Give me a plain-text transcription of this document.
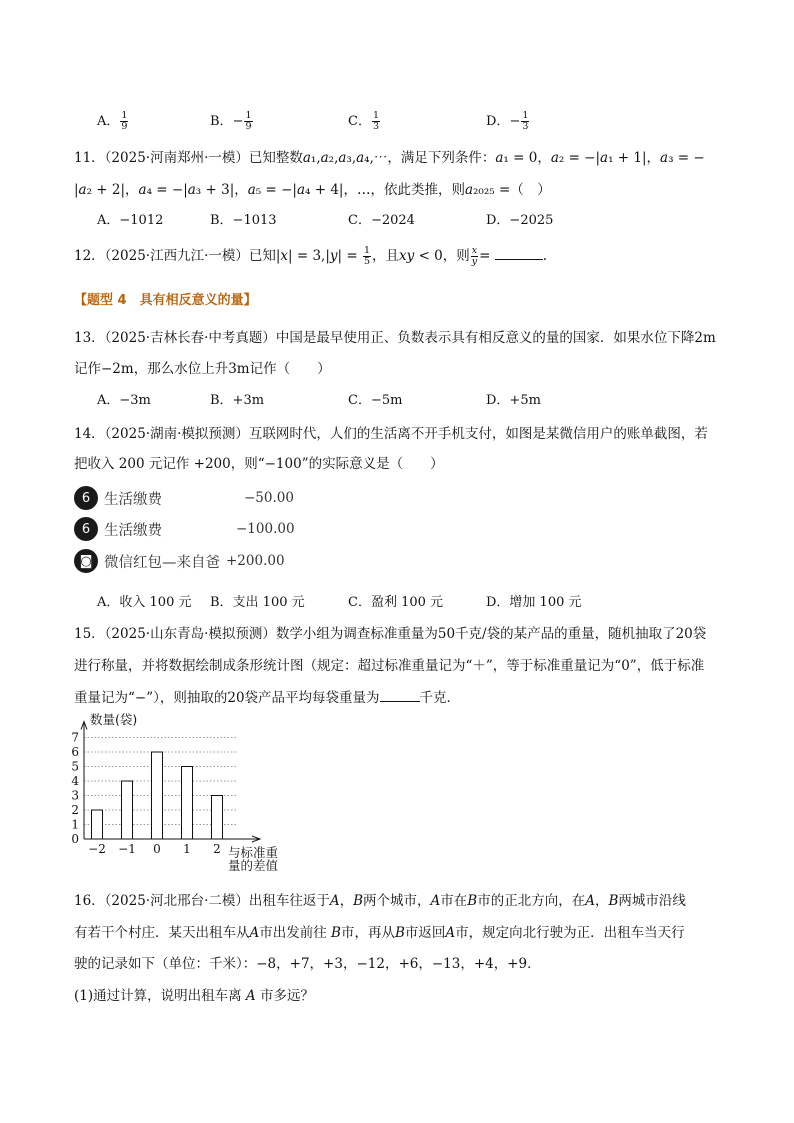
A． $\frac{1}{9}$	B．− $\frac{1}{9}$	C． $\frac{1}{3}$	D．− $\frac{1}{3}$
11．（2025·河南郑州·一模）已知整数𝑎₁,𝑎₂,𝑎₃,𝑎₄,⋯，满足下列条件：𝑎₁ = 0，𝑎₂ = −|𝑎₁ + 1|，𝑎₃ = −
|𝑎₂ + 2|，𝑎₄ = −|𝑎₃ + 3|，𝑎₅ = −|𝑎₄ + 4|，…，依此类推，则𝑎₂₀₂₅ =（　）
A．−1012	B．−1013	C．−2024	D．−2025
12．（2025·江西九江·一模）已知|𝑥| = 3,|𝑦| = $\frac{1}{5}$ ，且𝑥𝑦 < 0，则 $\frac{\text{𝑥}}{\text{𝑦}}$ =	.
【题型 4　具有相反意义的量】
13．（2025·吉林长春·中考真题）中国是最早使用正、负数表示具有相反意义的量的国家．如果水位下降2m
记作−2m，那么水位上升3m记作（　　）
A．−3m	B．+3m	C．−5m	D．+5m
14．（2025·湖南·模拟预测）互联网时代，人们的生活离不开手机支付，如图是某微信用户的账单截图，若
把收入 200 元记作 +200，则“−100”的实际意义是（　　）
6 生活缴费	−50.00
6 生活缴费	−100.00
◙ 微信红包—来自爸 +200.00
A．收入 100 元 B．支出 100 元	C．盈利 100 元	D．增加 100 元
15．（2025·山东青岛·模拟预测）数学小组为调查标准重量为50千克/袋的某产品的重量，随机抽取了20袋
进行称量，并将数据绘制成条形统计图（规定：超过标准重量记为“＋”，等于标准重量记为“0”，低于标准
重量记为“−”），则抽取的20袋产品平均每袋重量为	千克．
数量(袋)
与标准重
量的差值
0
1
2
3
4
5
6
7
−2 −1 0 1 2
16．（2025·河北邢台·二模）出租车往返于𝐴，𝐵两个城市，𝐴市在𝐵市的正北方向，在𝐴，𝐵两城市沿线
有若干个村庄．某天出租车从𝐴市出发前往 𝐵市，再从𝐵市返回𝐴市，规定向北行驶为正．出租车当天行
驶的记录如下（单位：千米）：−8，+7，+3，−12，+6，−13，+4，+9．
(1)通过计算，说明出租车离 𝐴 市多远？
